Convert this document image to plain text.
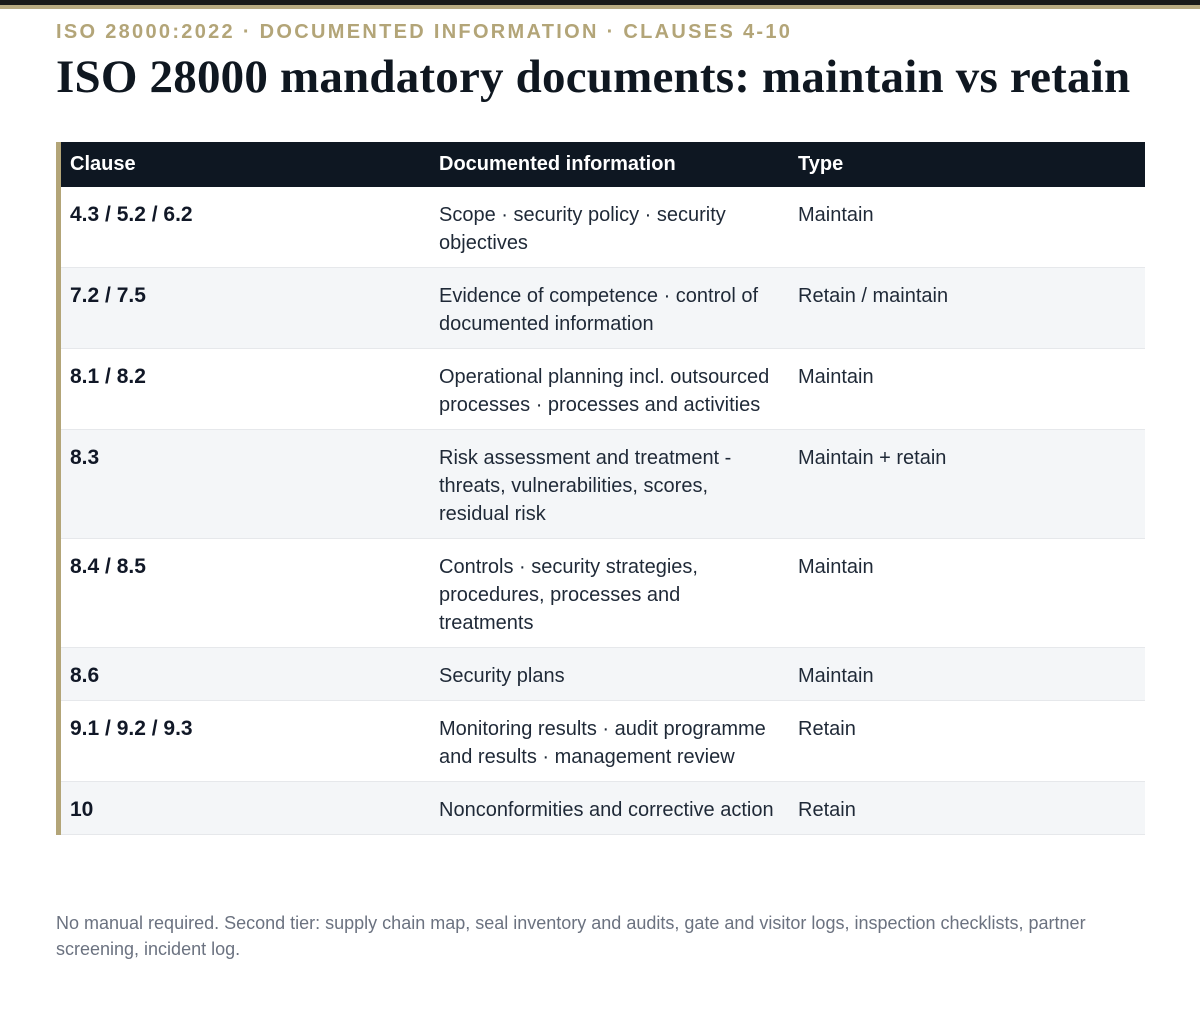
ISO 28000:2022 · DOCUMENTED INFORMATION · CLAUSES 4-10
ISO 28000 mandatory documents: maintain vs retain
Clause	Documented information	Type
4.3 / 5.2 / 6.2	Scope · security policy · security objectives	Maintain
7.2 / 7.5	Evidence of competence · control of documented information	Retain / maintain
8.1 / 8.2	Operational planning incl. outsourced processes · processes and activities	Maintain
8.3	Risk assessment and treatment - threats, vulnerabilities, scores, residual risk	Maintain + retain
8.4 / 8.5	Controls · security strategies, procedures, processes and treatments	Maintain
8.6	Security plans	Maintain
9.1 / 9.2 / 9.3	Monitoring results · audit programme and results · management review	Retain
10	Nonconformities and corrective action	Retain

No manual required. Second tier: supply chain map, seal inventory and audits, gate and visitor logs, inspection checklists, partner screening, incident log.
